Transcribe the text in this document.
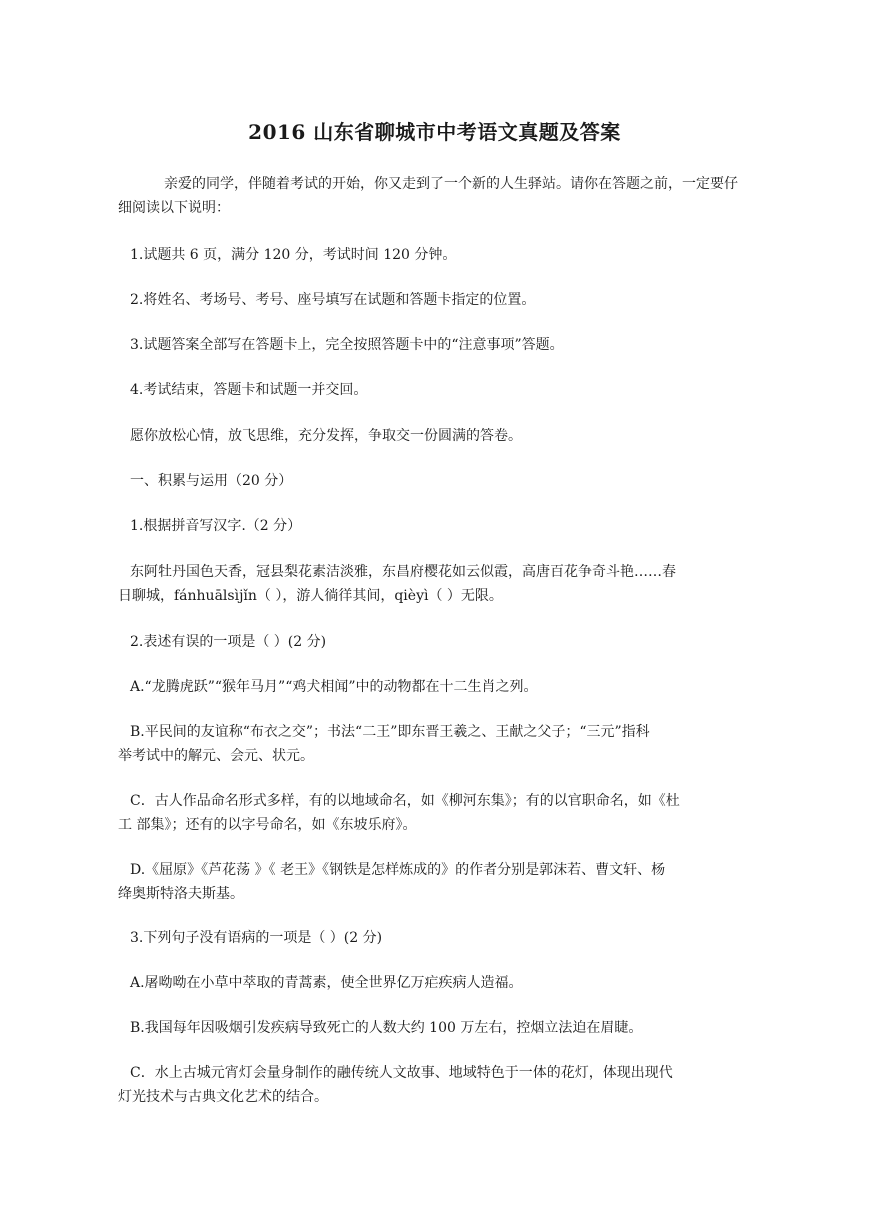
2016 山东省聊城市中考语文真题及答案
亲爱的同学，伴随着考试的开始，你又走到了一个新的人生驿站。请你在答题之前，一定要仔细阅读以下说明：

1.试题共 6 页，满分 120 分，考试时间 120 分钟。

2.将姓名、考场号、考号、座号填写在试题和答题卡指定的位置。

3.试题答案全部写在答题卡上，完全按照答题卡中的“注意事项”答题。

4.考试结束，答题卡和试题一并交回。

愿你放松心情，放飞思维，充分发挥，争取交一份圆满的答卷。

一、积累与运用（20 分）

1.根据拼音写汉字.（2 分）

东阿牡丹国色天香，冠县梨花素洁淡雅，东昌府樱花如云似霞，高唐百花争奇斗艳……春

日聊城，fánhuālsìjǐn（ ），游人徜徉其间，qièyì（ ）无限。

2.表述有误的一项是（ ）(2 分)

A.“龙腾虎跃”“猴年马月”“鸡犬相闻”中的动物都在十二生肖之列。

B.平民间的友谊称“布衣之交”；书法“二王”即东晋王羲之、王献之父子；“三元”指科

举考试中的解元、会元、状元。

C．古人作品命名形式多样，有的以地域命名，如《柳河东集》；有的以官职命名，如《杜

工 部集》；还有的以字号命名，如《东坡乐府》。

D.《屈原》《芦花荡 》《 老王》《钢铁是怎样炼成的》的作者分别是郭沫若、曹文轩、杨

绛奥斯特洛夫斯基。

3.下列句子没有语病的一项是（ ）(2 分)

A.屠呦呦在小草中萃取的青蒿素，使全世界亿万疟疾病人造福。

B.我国每年因吸烟引发疾病导致死亡的人数大约 100 万左右，控烟立法迫在眉睫。

C．水上古城元宵灯会量身制作的融传统人文故事、地域特色于一体的花灯，体现出现代

灯光技术与古典文化艺术的结合。
